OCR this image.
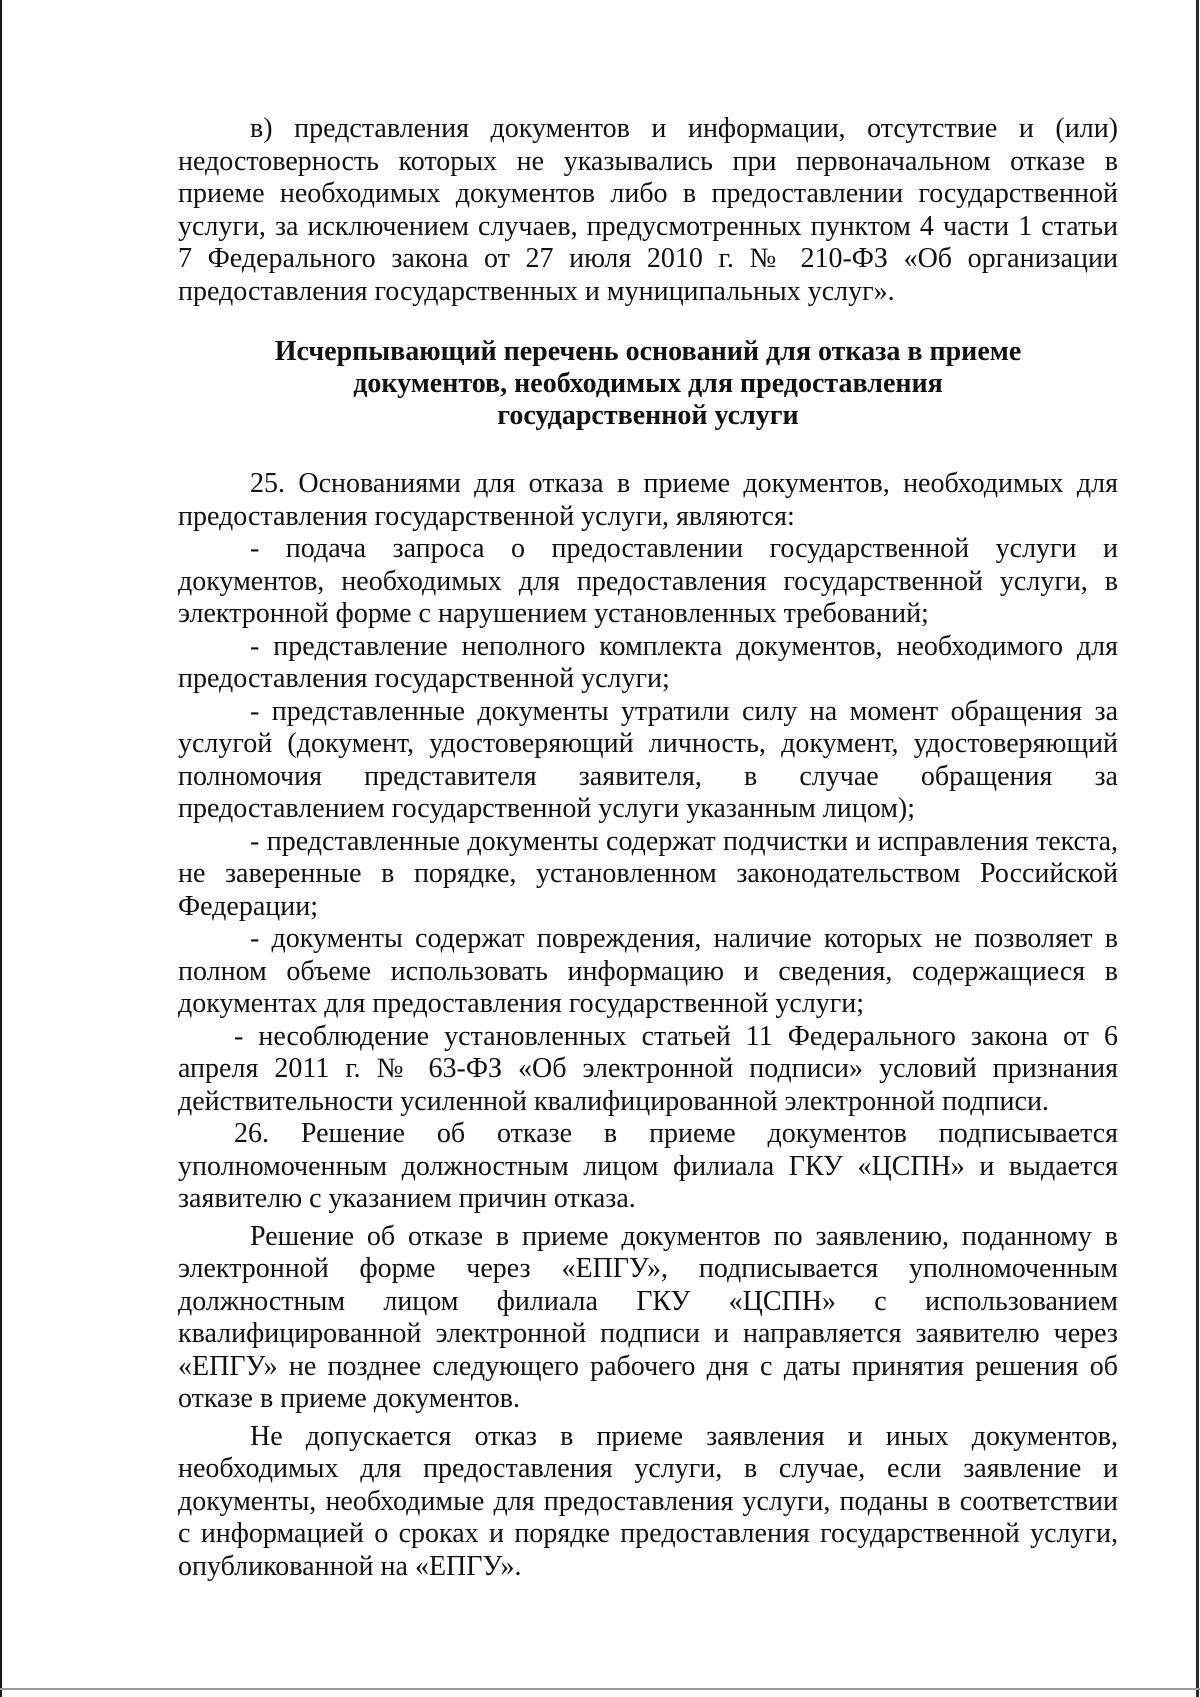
в) представления документов и информации, отсутствие и (или) недостоверность которых не указывались при первоначальном отказе в приеме необходимых документов либо в предоставлении государственной услуги, за исключением случаев, предусмотренных пунктом 4 части 1 статьи 7 Федерального закона от 27 июля 2010 г. № 210-ФЗ «Об организации предоставления государственных и муниципальных услуг».

Исчерпывающий перечень оснований для отказа в приеме
документов, необходимых для предоставления
государственной услуги

25. Основаниями для отказа в приеме документов, необходимых для предоставления государственной услуги, являются:

- подача запроса о предоставлении государственной услуги и документов, необходимых для предоставления государственной услуги, в электронной форме с нарушением установленных требований;

- представление неполного комплекта документов, необходимого для предоставления государственной услуги;

- представленные документы утратили силу на момент обращения за услугой (документ, удостоверяющий личность, документ, удостоверяющий полномочия представителя заявителя, в случае обращения за предоставлением государственной услуги указанным лицом);

- представленные документы содержат подчистки и исправления текста, не заверенные в порядке, установленном законодательством Российской Федерации;

- документы содержат повреждения, наличие которых не позволяет в полном объеме использовать информацию и сведения, содержащиеся в документах для предоставления государственной услуги;

- несоблюдение установленных статьей 11 Федерального закона от 6 апреля 2011 г. № 63-ФЗ «Об электронной подписи» условий признания действительности усиленной квалифицированной электронной подписи.

26. Решение об отказе в приеме документов подписывается уполномоченным должностным лицом филиала ГКУ «ЦСПН» и выдается заявителю с указанием причин отказа.

Решение об отказе в приеме документов по заявлению, поданному в электронной форме через «ЕПГУ», подписывается уполномоченным должностным лицом филиала ГКУ «ЦСПН» с использованием квалифицированной электронной подписи и направляется заявителю через «ЕПГУ» не позднее следующего рабочего дня с даты принятия решения об отказе в приеме документов.

Не допускается отказ в приеме заявления и иных документов, необходимых для предоставления услуги, в случае, если заявление и документы, необходимые для предоставления услуги, поданы в соответствии с информацией о сроках и порядке предоставления государственной услуги, опубликованной на «ЕПГУ».
